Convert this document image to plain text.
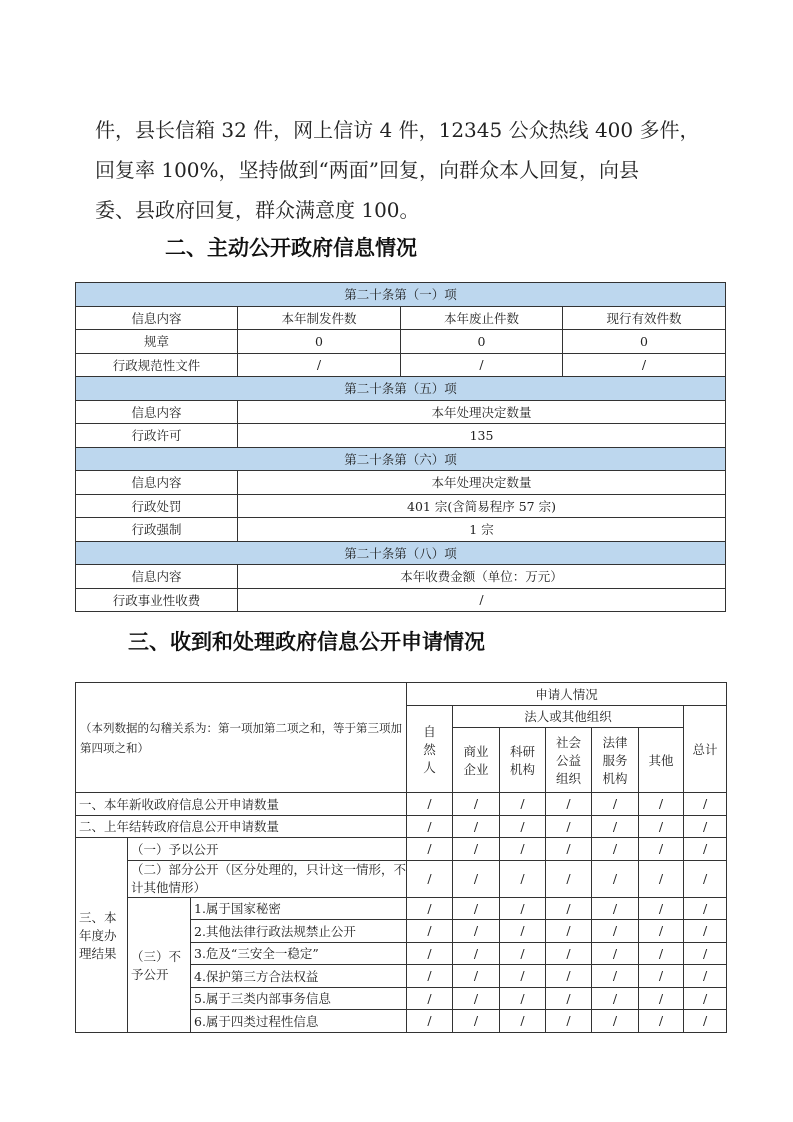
件，县长信箱 32 件，网上信访 4 件，12345 公众热线 400 多件，
回复率 100%，坚持做到“两面”回复，向群众本人回复，向县
委、县政府回复，群众满意度 100。
二、主动公开政府信息情况
第二十条第（一）项			
信息内容	本年制发件数	本年废止件数	现行有效件数
规章	0	0	0
行政规范性文件	/	/	/
第二十条第（五）项			
信息内容	本年处理决定数量		
行政许可	135		
第二十条第（六）项			
信息内容	本年处理决定数量		
行政处罚	401 宗(含简易程序 57 宗)		
行政强制	1 宗		
第二十条第（八）项			
信息内容	本年收费金额（单位：万元）		
行政事业性收费	/		
三、收到和处理政府信息公开申请情况
（本列数据的勾稽关系为：第一项加第二项之和，等于第三项加第四项之和）			申请人情况						
			自然人	法人或其他组织					总计
				商业企业	科研机构	社会公益组织	法律服务机构	其他	

一、本年新收政府信息公开申请数量			/	/	/	/	/	/	/
二、上年结转政府信息公开申请数量			/	/	/	/	/	/	/
三、本年度办理结果	（一）予以公开		/	/	/	/	/	/	/
	（二）部分公开（区分处理的，只计这一情形，不计其他情形）		/	/	/	/	/	/	/
	（三）不予公开	1.属于国家秘密	/	/	/	/	/	/	/
		2.其他法律行政法规禁止公开	/	/	/	/	/	/	/
		3.危及“三安全一稳定”	/	/	/	/	/	/	/
		4.保护第三方合法权益	/	/	/	/	/	/	/
		5.属于三类内部事务信息	/	/	/	/	/	/	/
		6.属于四类过程性信息	/	/	/	/	/	/	/
